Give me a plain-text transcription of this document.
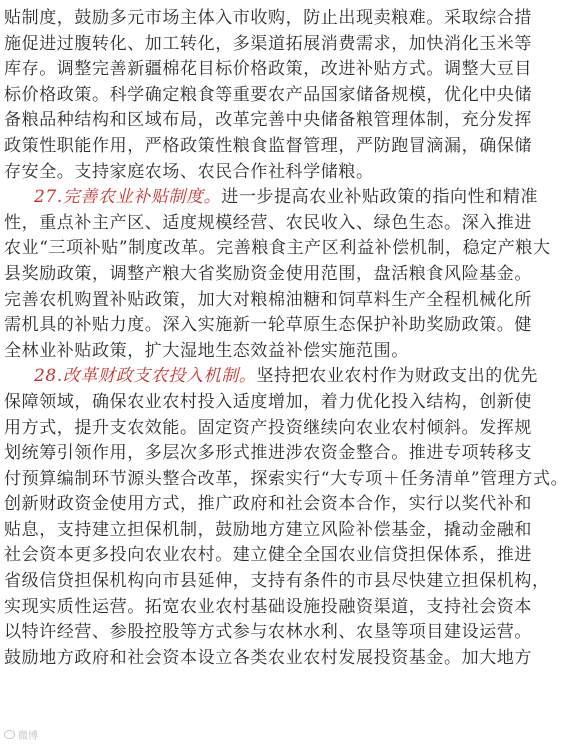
贴制度，鼓励多元市场主体入市收购，防止出现卖粮难。采取综合措
施促进过腹转化、加工转化，多渠道拓展消费需求，加快消化玉米等
库存。调整完善新疆棉花目标价格政策，改进补贴方式。调整大豆目
标价格政策。科学确定粮食等重要农产品国家储备规模，优化中央储
备粮品种结构和区域布局，改革完善中央储备粮管理体制，充分发挥
政策性职能作用，严格政策性粮食监督管理，严防跑冒滴漏，确保储
存安全。支持家庭农场、农民合作社科学储粮。
27.完善农业补贴制度。进一步提高农业补贴政策的指向性和精准
性，重点补主产区、适度规模经营、农民收入、绿色生态。深入推进
农业“三项补贴”制度改革。完善粮食主产区利益补偿机制，稳定产粮大
县奖励政策，调整产粮大省奖励资金使用范围，盘活粮食风险基金。
完善农机购置补贴政策，加大对粮棉油糖和饲草料生产全程机械化所
需机具的补贴力度。深入实施新一轮草原生态保护补助奖励政策。健
全林业补贴政策，扩大湿地生态效益补偿实施范围。
28.改革财政支农投入机制。坚持把农业农村作为财政支出的优先
保障领域，确保农业农村投入适度增加，着力优化投入结构，创新使
用方式，提升支农效能。固定资产投资继续向农业农村倾斜。发挥规
划统筹引领作用，多层次多形式推进涉农资金整合。推进专项转移支
付预算编制环节源头整合改革，探索实行“大专项＋任务清单”管理方式。
创新财政资金使用方式，推广政府和社会资本合作，实行以奖代补和
贴息，支持建立担保机制，鼓励地方建立风险补偿基金，撬动金融和
社会资本更多投向农业农村。建立健全全国农业信贷担保体系，推进
省级信贷担保机构向市县延伸，支持有条件的市县尽快建立担保机构，
实现实质性运营。拓宽农业农村基础设施投融资渠道，支持社会资本
以特许经营、参股控股等方式参与农林水利、农垦等项目建设运营。
鼓励地方政府和社会资本设立各类农业农村发展投资基金。加大地方
微博
